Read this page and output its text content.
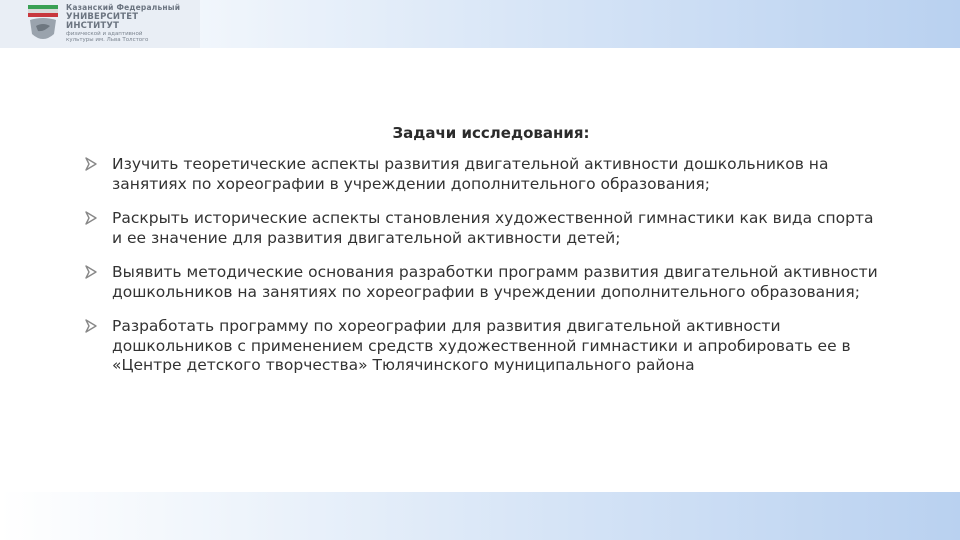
Казанский Федеральный
УНИВЕРСИТЕТ
ИНСТИТУТ
физической и адаптивной
культуры им. Льва Толстого
Задачи исследования:
Изучить теоретические аспекты развития двигательной активности дошкольников на занятиях по хореографии в учреждении дополнительного образования;
Раскрыть исторические аспекты становления художественной гимнастики как вида спорта и ее значение для развития двигательной активности детей;
Выявить методические основания разработки программ развития двигательной активности дошкольников на занятиях по хореографии в учреждении дополнительного образования;
Разработать программу по хореографии для развития двигательной активности дошкольников с применением средств художественной гимнастики и апробировать ее в «Центре детского творчества» Тюлячинского муниципального района
